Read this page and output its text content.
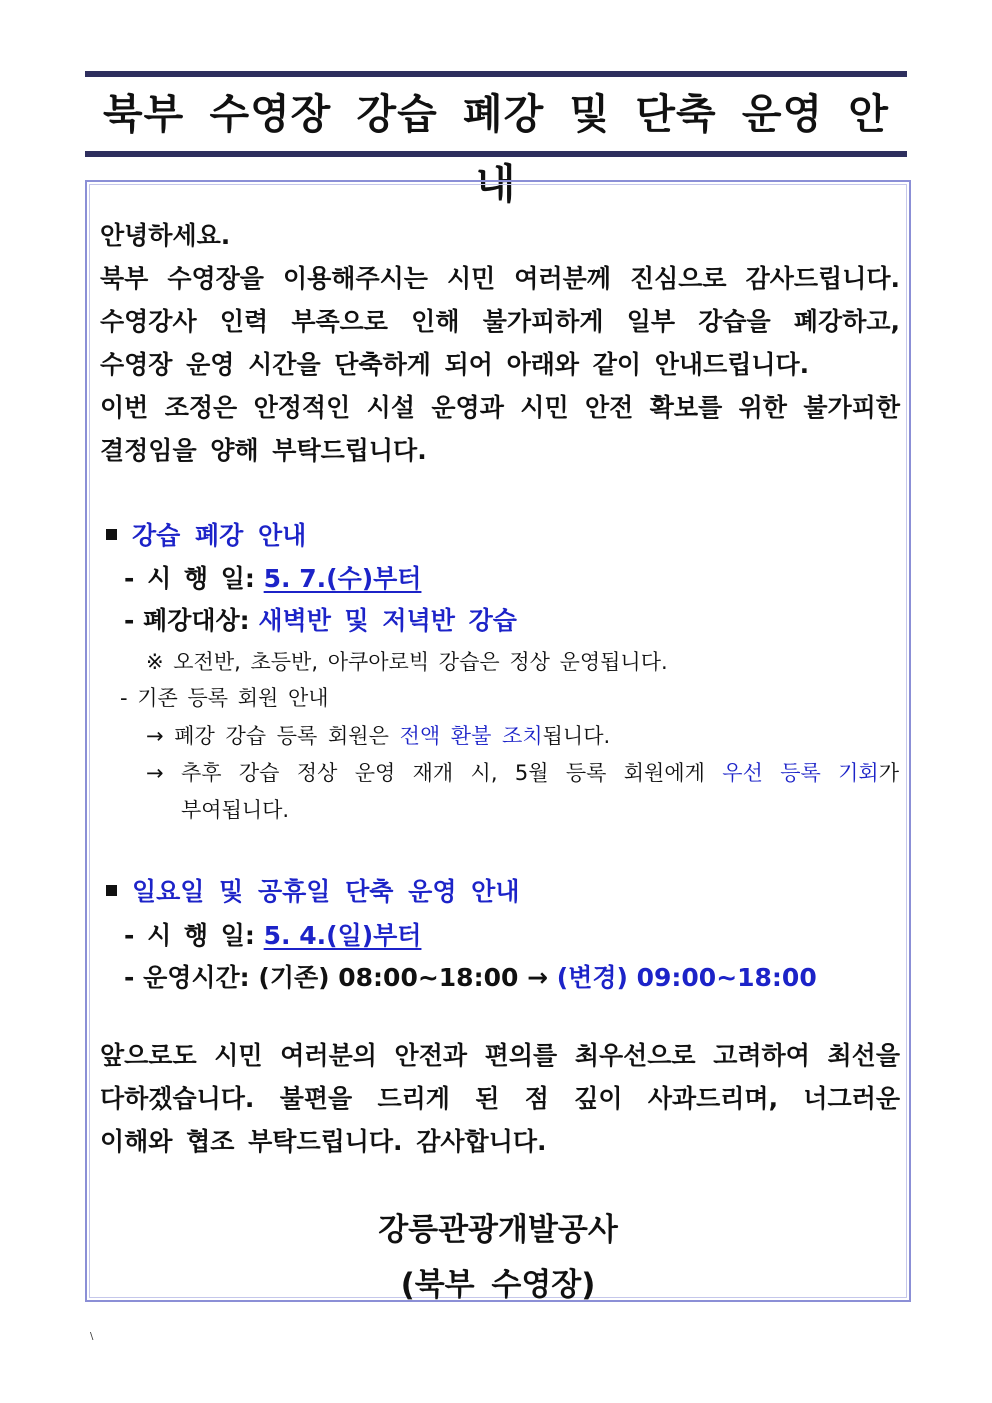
북부 수영장 강습 폐강 및 단축 운영 안내

안녕하세요.

북부 수영장을 이용해주시는 시민 여러분께 진심으로 감사드립니다.

수영강사 인력 부족으로 인해 불가피하게 일부 강습을 폐강하고,

수영장 운영 시간을 단축하게 되어 아래와 같이 안내드립니다.

이번 조정은 안정적인 시설 운영과 시민 안전 확보를 위한 불가피한

결정임을 양해 부탁드립니다.

강습 폐강 안내
- 시 행 일: 5. 7.(수)부터
- 폐강대상: 새벽반 및 저녁반 강습
※ 오전반, 초등반, 아쿠아로빅 강습은 정상 운영됩니다.
- 기존 등록 회원 안내
→ 폐강 강습 등록 회원은 전액 환불 조치됩니다.
→ 추후 강습 정상 운영 재개 시, 5월 등록 회원에게 우선 등록 기회가
부여됩니다.
일요일 및 공휴일 단축 운영 안내
- 시 행 일: 5. 4.(일)부터
- 운영시간: (기존) 08:00~18:00 → (변경) 09:00~18:00

앞으로도 시민 여러분의 안전과 편의를 최우선으로 고려하여 최선을

다하겠습니다. 불편을 드리게 된 점 깊이 사과드리며, 너그러운

이해와 협조 부탁드립니다. 감사합니다.

강릉관광개발공사
(북부 수영장)
\
